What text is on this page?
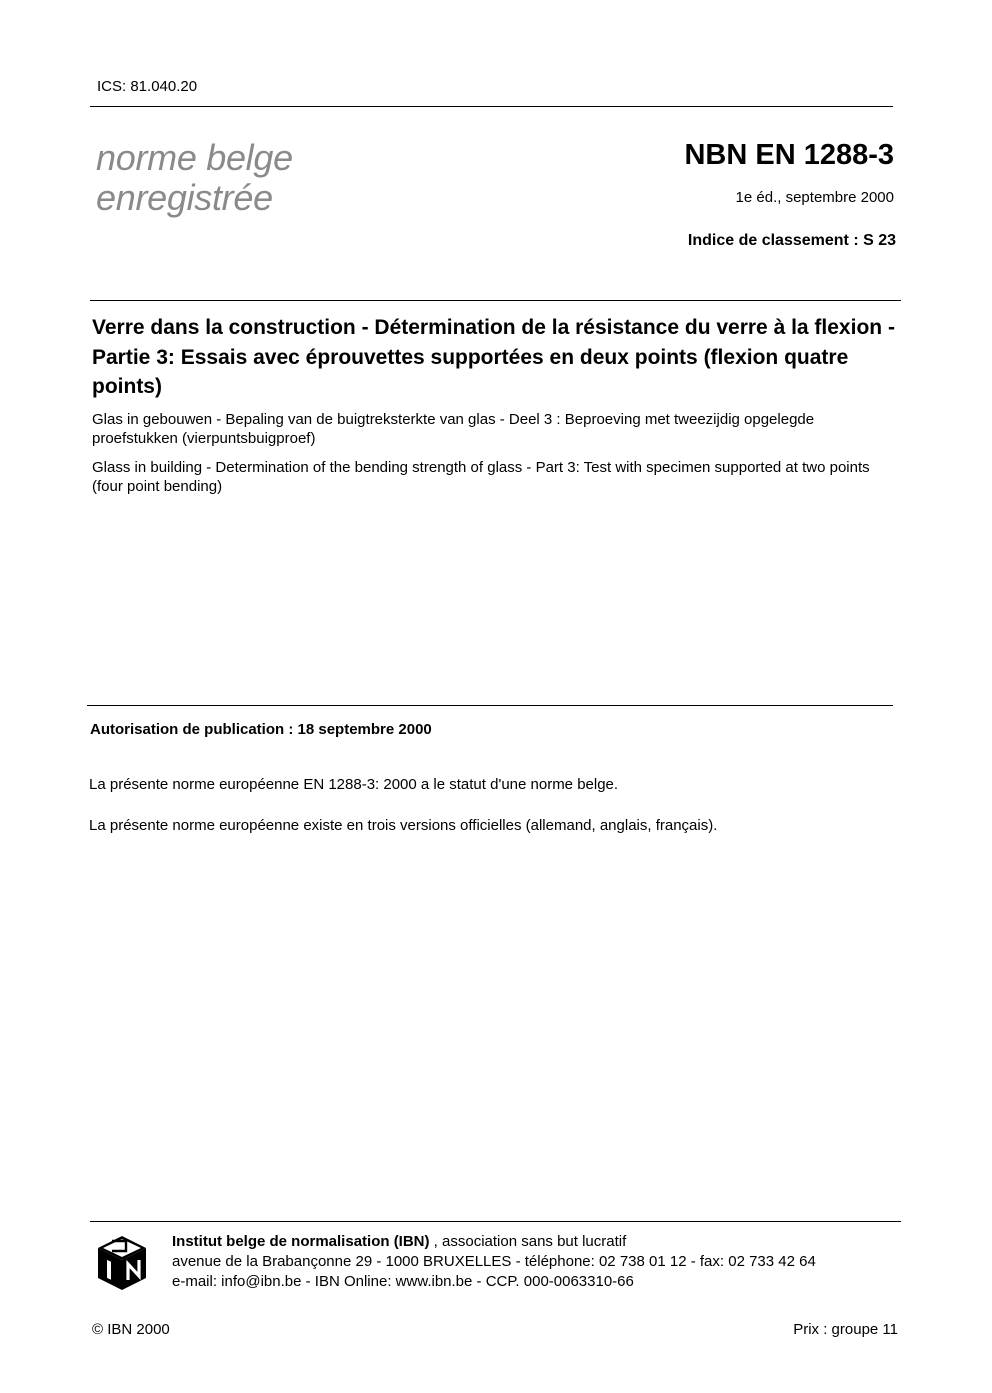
ICS: 81.040.20
norme belge
enregistrée
NBN EN 1288-3
1e éd., septembre 2000
Indice de classement : S 23
Verre dans la construction - Détermination de la résistance du verre à la flexion - Partie 3: Essais avec éprouvettes supportées en deux points (flexion quatre points)
Glas in gebouwen - Bepaling van de buigtreksterkte van glas - Deel 3 : Beproeving met tweezijdig opgelegde proefstukken (vierpuntsbuigproef)
Glass in building - Determination of the bending strength of glass - Part 3: Test with specimen supported at two points (four point bending)
Autorisation de publication : 18 septembre 2000
La présente norme européenne EN 1288-3: 2000 a le statut d'une norme belge.
La présente norme européenne existe en trois versions officielles (allemand, anglais, français).
Institut belge de normalisation (IBN) , association sans but lucratif
avenue de la Brabançonne 29 - 1000 BRUXELLES - téléphone: 02 738 01 12 - fax: 02 733 42 64
e-mail: info@ibn.be - IBN Online: www.ibn.be - CCP. 000-0063310-66
© IBN 2000	Prix : groupe 11
